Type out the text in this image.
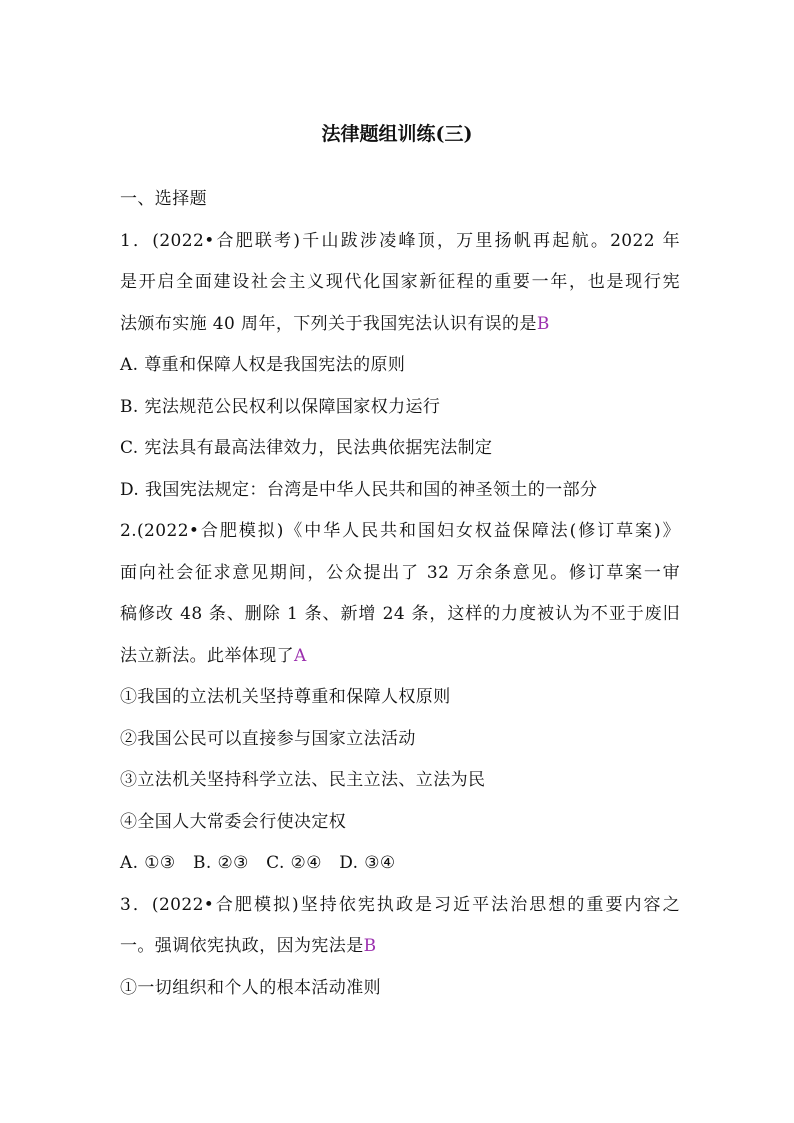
法律题组训练(三)
一、选择题
1．(2022•合肥联考)千山跋涉凌峰顶，万里扬帆再起航。2022 年
是开启全面建设社会主义现代化国家新征程的重要一年，也是现行宪
法颁布实施 40 周年，下列关于我国宪法认识有误的是B
A. 尊重和保障人权是我国宪法的原则
B. 宪法规范公民权利以保障国家权力运行
C. 宪法具有最高法律效力，民法典依据宪法制定
D. 我国宪法规定：台湾是中华人民共和国的神圣领土的一部分
2.(2022•合肥模拟)《中华人民共和国妇女权益保障法(修订草案)》
面向社会征求意见期间，公众提出了 32 万余条意见。修订草案一审
稿修改 48 条、删除 1 条、新增 24 条，这样的力度被认为不亚于废旧
法立新法。此举体现了A
①我国的立法机关坚持尊重和保障人权原则
②我国公民可以直接参与国家立法活动
③立法机关坚持科学立法、民主立法、立法为民
④全国人大常委会行使决定权
A. ①③　B. ②③　C. ②④　D. ③④
3．(2022•合肥模拟)坚持依宪执政是习近平法治思想的重要内容之
一。强调依宪执政，因为宪法是B
①一切组织和个人的根本活动准则
